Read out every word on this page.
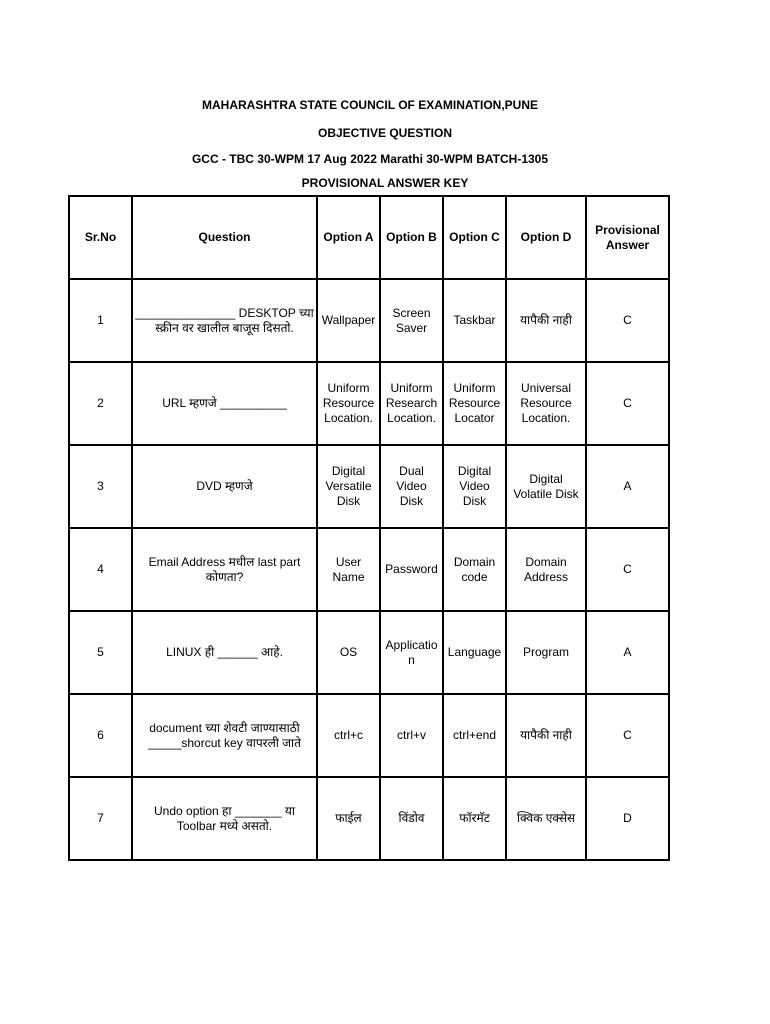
MAHARASHTRA STATE COUNCIL OF EXAMINATION,PUNE
OBJECTIVE QUESTION
GCC - TBC 30-WPM 17 Aug 2022 Marathi 30-WPM BATCH-1305
PROVISIONAL ANSWER KEY
Sr.No	Question	Option A	Option B	Option C	Option D	Provisional Answer
1	_______________ DESKTOP च्या स्क्रीन वर खालील बाजूस दिसतो.	Wallpaper	Screen Saver	Taskbar	यापैकी नाही	C
2	URL म्हणजे __________	Uniform Resource Location.	Uniform Research Location.	Uniform Resource Locator	Universal Resource Location.	C
3	DVD म्हणजे	Digital Versatile Disk	Dual Video Disk	Digital Video Disk	Digital Volatile Disk	A
4	Email Address मधील last part कोणता?	User Name	Password	Domain code	Domain Address	C
5	LINUX ही ______ आहे.	OS	Applicatio n	Language	Program	A
6	document च्या शेवटी जाण्यासाठी _____shorcut key वापरली जाते	ctrl+c	ctrl+v	ctrl+end	यापैकी नाही	C
7	Undo option हा _______ या Toolbar मध्ये असतो.	फाईल	विंडोव	फॉरमॅट	क्विक एक्सेस	D
